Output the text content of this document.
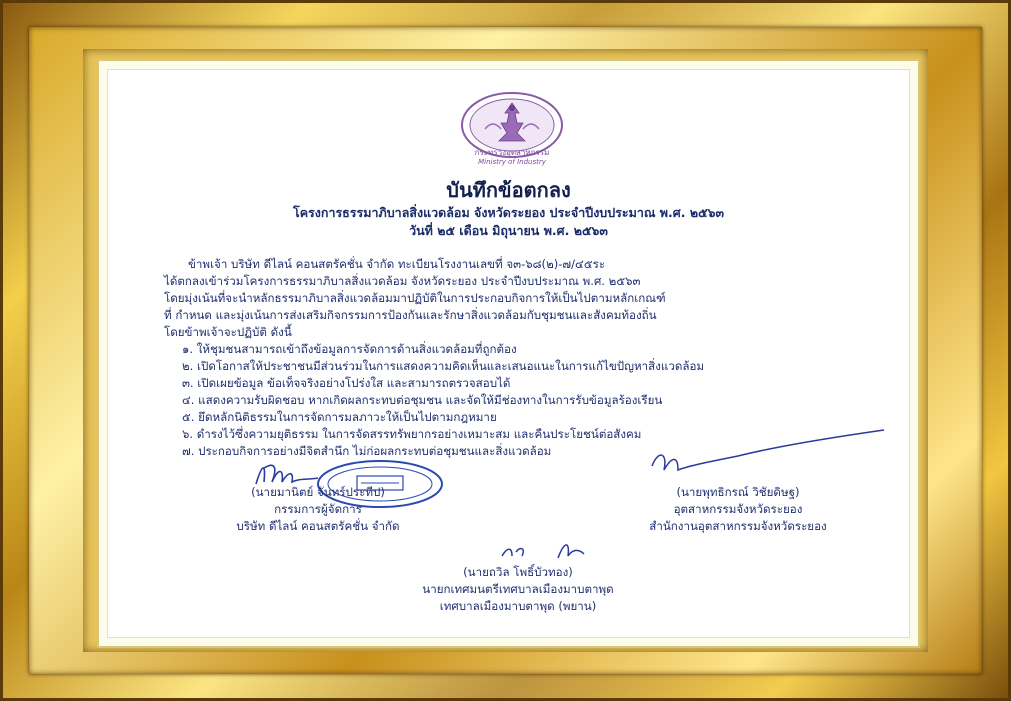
กระทรวงอุตสาหกรรม
Ministry of Industry
บันทึกข้อตกลง
โครงการธรรมาภิบาลสิ่งแวดล้อม จังหวัดระยอง ประจำปีงบประมาณ พ.ศ. ๒๕๖๓
วันที่ ๒๕ เดือน มิถุนายน พ.ศ. ๒๕๖๓
ข้าพเจ้า บริษัท ดีไลน์ คอนสตรัคชั่น จำกัด ทะเบียนโรงงานเลขที่ จ๓-๖๘(๒)-๗/๔๕ระ
ได้ตกลงเข้าร่วมโครงการธรรมาภิบาลสิ่งแวดล้อม จังหวัดระยอง ประจำปีงบประมาณ พ.ศ. ๒๕๖๓
โดยมุ่งเน้นที่จะนำหลักธรรมาภิบาลสิ่งแวดล้อมมาปฏิบัติในการประกอบกิจการให้เป็นไปตามหลักเกณฑ์
ที่ กำหนด และมุ่งเน้นการส่งเสริมกิจกรรมการป้องกันและรักษาสิ่งแวดล้อมกับชุมชนและสังคมท้องถิ่น
โดยข้าพเจ้าจะปฏิบัติ ดังนี้
๑. ให้ชุมชนสามารถเข้าถึงข้อมูลการจัดการด้านสิ่งแวดล้อมที่ถูกต้อง
๒. เปิดโอกาสให้ประชาชนมีส่วนร่วมในการแสดงความคิดเห็นและเสนอแนะในการแก้ไขปัญหาสิ่งแวดล้อม
๓. เปิดเผยข้อมูล ข้อเท็จจริงอย่างโปร่งใส และสามารถตรวจสอบได้
๔. แสดงความรับผิดชอบ หากเกิดผลกระทบต่อชุมชน และจัดให้มีช่องทางในการรับข้อมูลร้องเรียน
๕. ยึดหลักนิติธรรมในการจัดการมลภาวะให้เป็นไปตามกฎหมาย
๖. ดำรงไว้ซึ่งความยุติธรรม ในการจัดสรรทรัพยากรอย่างเหมาะสม และคืนประโยชน์ต่อสังคม
๗. ประกอบกิจการอย่างมีจิตสำนึก ไม่ก่อผลกระทบต่อชุมชนและสิ่งแวดล้อม
(นายมานิตย์ จันทร์ประทีป)
กรรมการผู้จัดการ
บริษัท ดีไลน์ คอนสตรัคชั่น จำกัด
(นายพุทธิกรณ์ วิชัยดิษฐ)
อุตสาหกรรมจังหวัดระยอง
สำนักงานอุตสาหกรรมจังหวัดระยอง
(นายถวิล โพธิ์บัวทอง)
นายกเทศมนตรีเทศบาลเมืองมาบตาพุด
เทศบาลเมืองมาบตาพุด (พยาน)
